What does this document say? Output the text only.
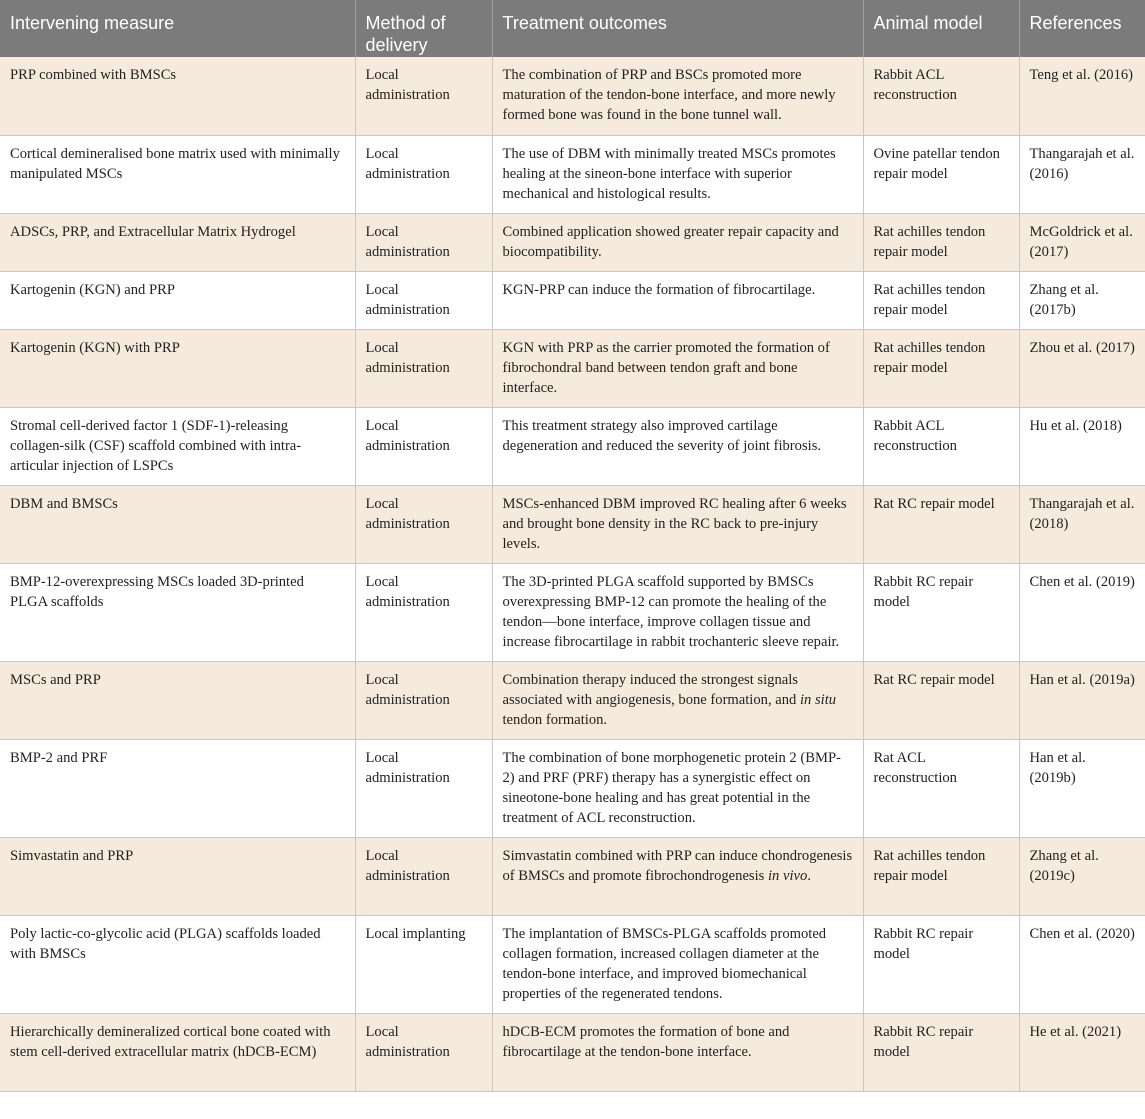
Intervening measure	Method of delivery	Treatment outcomes	Animal model	References
PRP combined with BMSCs	Local administration	The combination of PRP and BSCs promoted more maturation of the tendon-bone interface, and more newly formed bone was found in the bone tunnel wall.	Rabbit ACL reconstruction	Teng et al. (2016)
Cortical demineralised bone matrix used with minimally manipulated MSCs	Local administration	The use of DBM with minimally treated MSCs promotes healing at the sineon-bone interface with superior mechanical and histological results.	Ovine patellar tendon repair model	Thangarajah et al. (2016)
ADSCs, PRP, and Extracellular Matrix Hydrogel	Local administration	Combined application showed greater repair capacity and biocompatibility.	Rat achilles tendon repair model	McGoldrick et al. (2017)
Kartogenin (KGN) and PRP	Local administration	KGN-PRP can induce the formation of fibrocartilage.	Rat achilles tendon repair model	Zhang et al. (2017b)
Kartogenin (KGN) with PRP	Local administration	KGN with PRP as the carrier promoted the formation of fibrochondral band between tendon graft and bone interface.	Rat achilles tendon repair model	Zhou et al. (2017)
Stromal cell-derived factor 1 (SDF-1)-releasing collagen-silk (CSF) scaffold combined with intra-articular injection of LSPCs	Local administration	This treatment strategy also improved cartilage degeneration and reduced the severity of joint fibrosis.	Rabbit ACL reconstruction	Hu et al. (2018)
DBM and BMSCs	Local administration	MSCs-enhanced DBM improved RC healing after 6 weeks and brought bone density in the RC back to pre-injury levels.	Rat RC repair model	Thangarajah et al. (2018)
BMP-12-overexpressing MSCs loaded 3D-printed PLGA scaffolds	Local administration	The 3D-printed PLGA scaffold supported by BMSCs overexpressing BMP-12 can promote the healing of the tendon—bone interface, improve collagen tissue and increase fibrocartilage in rabbit trochanteric sleeve repair.	Rabbit RC repair model	Chen et al. (2019)
MSCs and PRP	Local administration	Combination therapy induced the strongest signals associated with angiogenesis, bone formation, and in situ tendon formation.	Rat RC repair model	Han et al. (2019a)
BMP-2 and PRF	Local administration	The combination of bone morphogenetic protein 2 (BMP-2) and PRF (PRF) therapy has a synergistic effect on sineotone-bone healing and has great potential in the treatment of ACL reconstruction.	Rat ACL reconstruction	Han et al. (2019b)
Simvastatin and PRP	Local administration	Simvastatin combined with PRP can induce chondrogenesis of BMSCs and promote fibrochondrogenesis in vivo.	Rat achilles tendon repair model	Zhang et al. (2019c)
Poly lactic-co-glycolic acid (PLGA) scaffolds loaded with BMSCs	Local implanting	The implantation of BMSCs-PLGA scaffolds promoted collagen formation, increased collagen diameter at the tendon-bone interface, and improved biomechanical properties of the regenerated tendons.	Rabbit RC repair model	Chen et al. (2020)
Hierarchically demineralized cortical bone coated with stem cell-derived extracellular matrix (hDCB-ECM)	Local administration	hDCB-ECM promotes the formation of bone and fibrocartilage at the tendon-bone interface.	Rabbit RC repair model	He et al. (2021)
